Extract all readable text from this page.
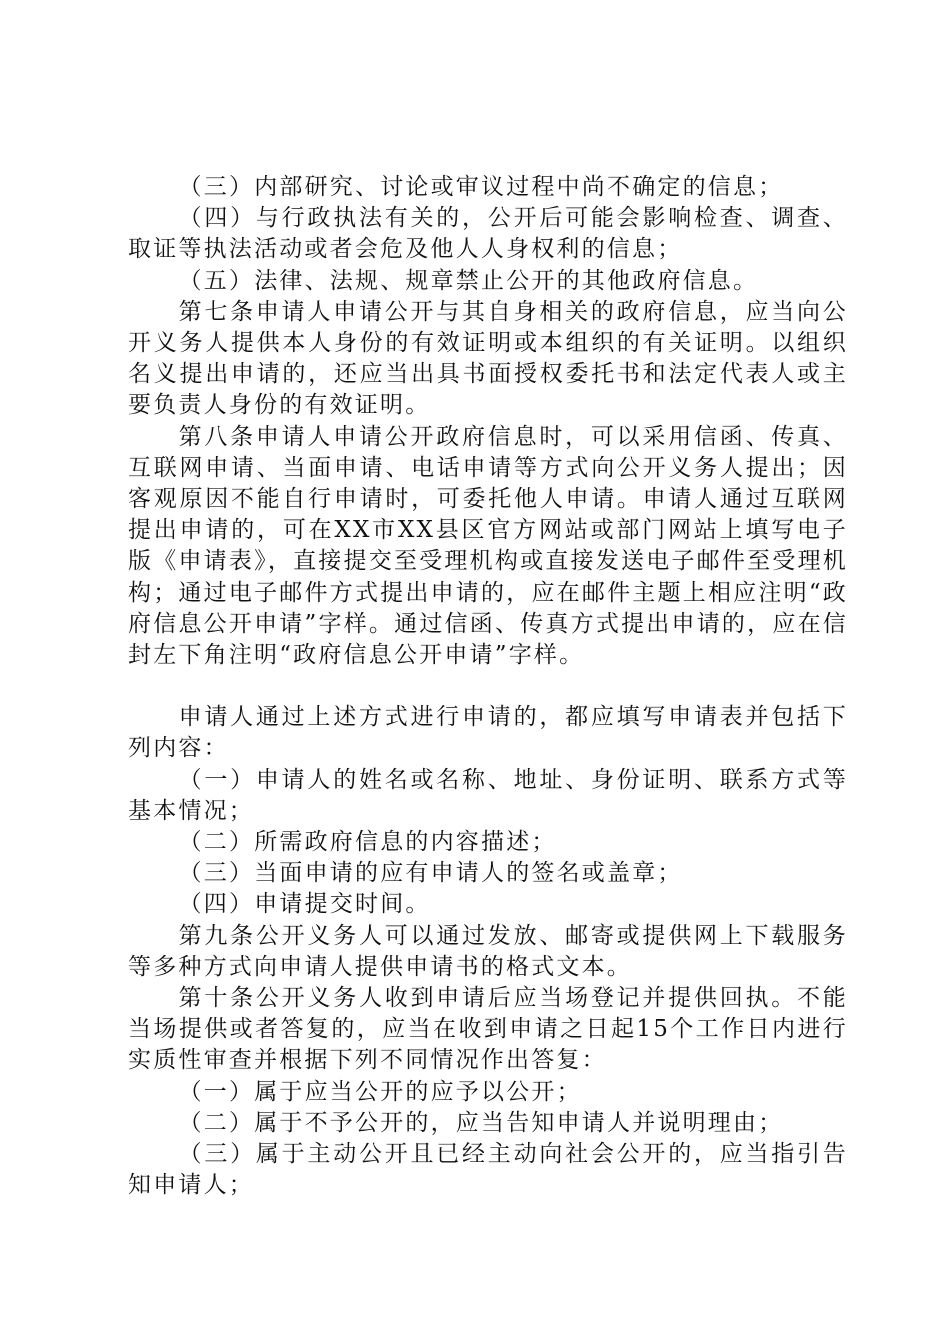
（三）内部研究、讨论或审议过程中尚不确定的信息；

（四）与行政执法有关的，公开后可能会影响检查、调查、取证等执法活动或者会危及他人人身权利的信息；

（五）法律、法规、规章禁止公开的其他政府信息。

第七条申请人申请公开与其自身相关的政府信息，应当向公开义务人提供本人身份的有效证明或本组织的有关证明。以组织名义提出申请的，还应当出具书面授权委托书和法定代表人或主要负责人身份的有效证明。

第八条申请人申请公开政府信息时，可以采用信函、传真、互联网申请、当面申请、电话申请等方式向公开义务人提出；因客观原因不能自行申请时，可委托他人申请。申请人通过互联网提出申请的，可在XX市XX县区官方网站或部门网站上填写电子版《申请表》，直接提交至受理机构或直接发送电子邮件至受理机构；通过电子邮件方式提出申请的，应在邮件主题上相应注明“政府信息公开申请”字样。通过信函、传真方式提出申请的，应在信封左下角注明“政府信息公开申请”字样。

申请人通过上述方式进行申请的，都应填写申请表并包括下列内容：

（一）申请人的姓名或名称、地址、身份证明、联系方式等基本情况；

（二）所需政府信息的内容描述；

（三）当面申请的应有申请人的签名或盖章；

（四）申请提交时间。

第九条公开义务人可以通过发放、邮寄或提供网上下载服务等多种方式向申请人提供申请书的格式文本。

第十条公开义务人收到申请后应当场登记并提供回执。不能当场提供或者答复的，应当在收到申请之日起15个工作日内进行实质性审查并根据下列不同情况作出答复：

（一）属于应当公开的应予以公开；

（二）属于不予公开的，应当告知申请人并说明理由；

（三）属于主动公开且已经主动向社会公开的，应当指引告知申请人；
